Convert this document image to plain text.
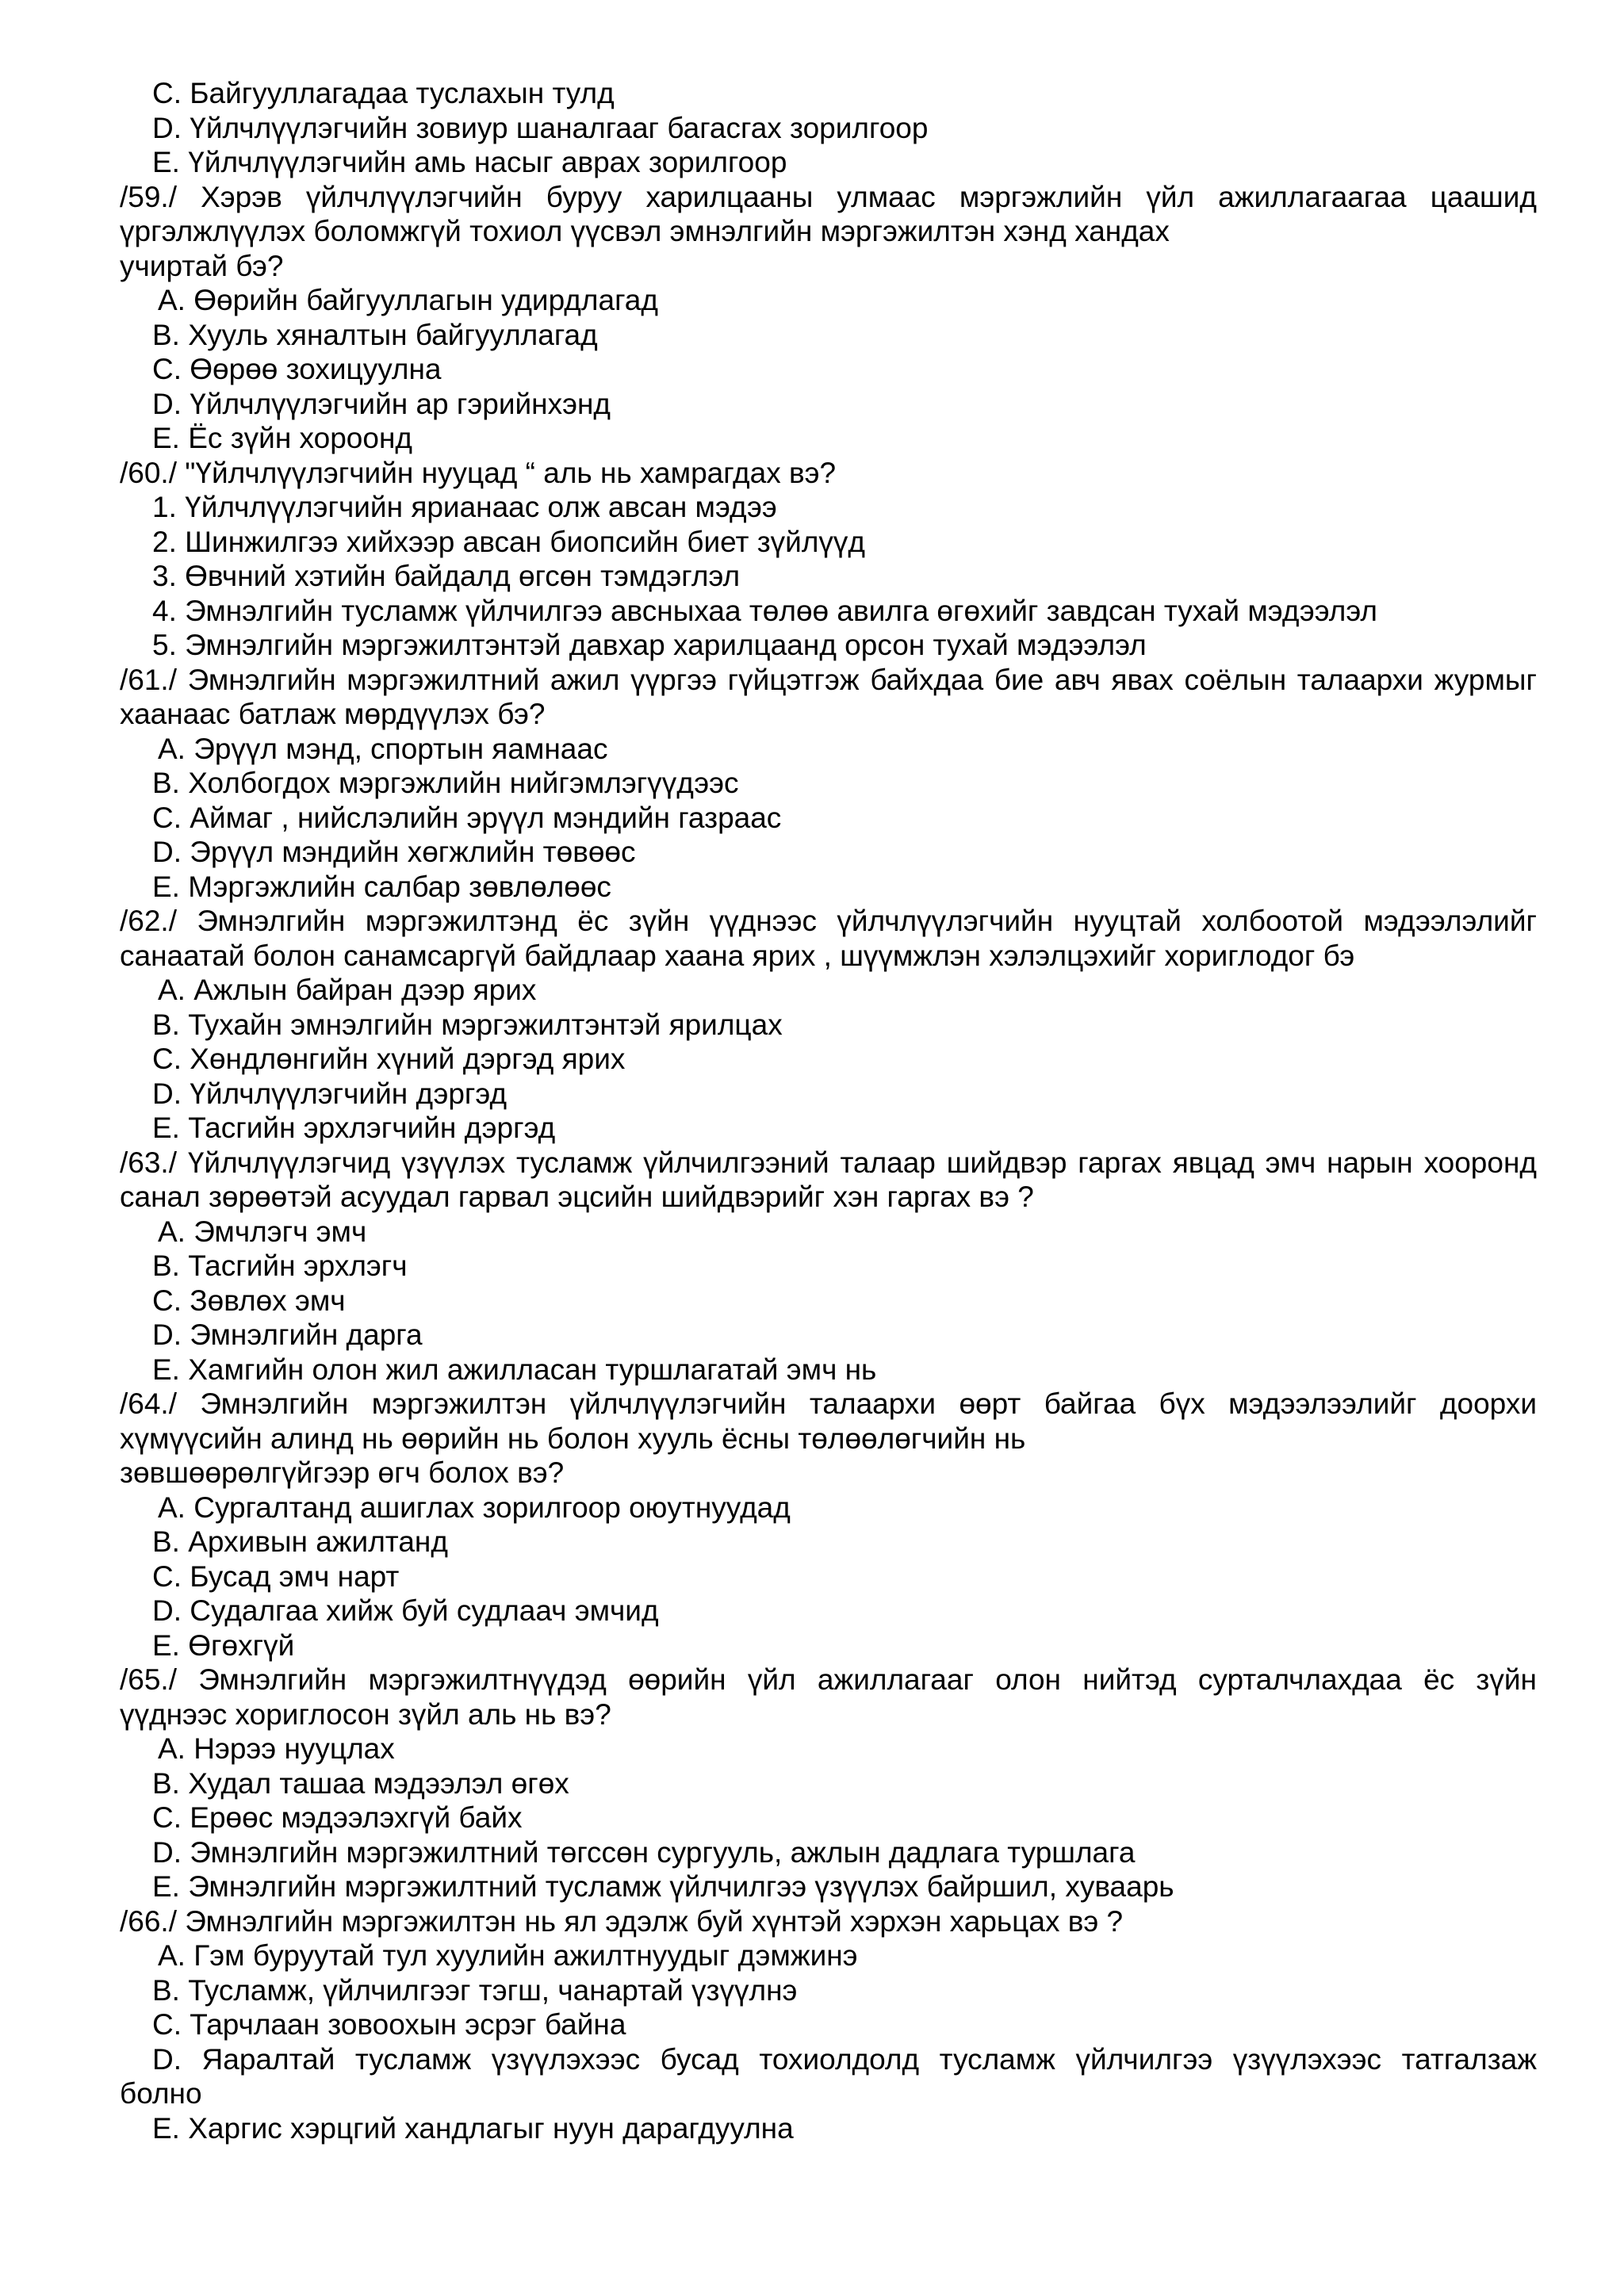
C. Байгууллагадаа туслахын тулд
D. Үйлчлүүлэгчийн зовиур шаналгааг багасгах зорилгоор
E. Үйлчлүүлэгчийн амь насыг аврах зорилгоор
/59./ Хэрэв үйлчлүүлэгчийн буруу харилцааны улмаас мэргэжлийн үйл ажиллагаагаа цаашид
үргэлжлүүлэх боломжгүй тохиол үүсвэл эмнэлгийн мэргэжилтэн хэнд хандах
учиртай бэ?
A. Өөрийн байгууллагын удирдлагад
B. Хууль хяналтын байгууллагад
C. Өөрөө зохицуулна
D. Үйлчлүүлэгчийн ар гэрийнхэнд
E. Ёс зүйн хороонд
/60./ "Үйлчлүүлэгчийн нууцад “ аль нь хамрагдах вэ?
1. Үйлчлүүлэгчийн ярианаас олж авсан мэдээ
2. Шинжилгээ хийхээр авсан биопсийн биет зүйлүүд
3. Өвчний хэтийн байдалд өгсөн тэмдэглэл
4. Эмнэлгийн тусламж үйлчилгээ авсныхаа төлөө авилга өгөхийг завдсан тухай мэдээлэл
5. Эмнэлгийн мэргэжилтэнтэй давхар харилцаанд орсон тухай мэдээлэл
/61./ Эмнэлгийн мэргэжилтний ажил үүргээ гүйцэтгэж байхдаа бие авч явах соёлын талаархи журмыг
хаанаас батлаж мөрдүүлэх бэ?
A. Эрүүл мэнд, спортын яамнаас
B. Холбогдох мэргэжлийн нийгэмлэгүүдээс
C. Аймаг , нийслэлийн эрүүл мэндийн газраас
D. Эрүүл мэндийн хөгжлийн төвөөс
E. Мэргэжлийн салбар зөвлөлөөс
/62./ Эмнэлгийн мэргэжилтэнд ёс зүйн үүднээс үйлчлүүлэгчийн нууцтай холбоотой мэдээлэлийг
санаатай болон санамсаргүй байдлаар хаана ярих , шүүмжлэн хэлэлцэхийг хориглодог бэ
A. Ажлын байран дээр ярих
B. Тухайн эмнэлгийн мэргэжилтэнтэй ярилцах
C. Хөндлөнгийн хүний дэргэд ярих
D. Үйлчлүүлэгчийн дэргэд
E. Тасгийн эрхлэгчийн дэргэд
/63./ Үйлчлүүлэгчид үзүүлэх тусламж үйлчилгээний талаар шийдвэр гаргах явцад эмч нарын хооронд
санал зөрөөтэй асуудал гарвал эцсийн шийдвэрийг хэн гаргах вэ ?
A. Эмчлэгч эмч
B. Тасгийн эрхлэгч
C. Зөвлөх эмч
D. Эмнэлгийн дарга
E. Хамгийн олон жил ажилласан туршлагатай эмч нь
/64./ Эмнэлгийн мэргэжилтэн үйлчлүүлэгчийн талаархи өөрт байгаа бүх мэдээлээлийг доорхи
хүмүүсийн алинд нь өөрийн нь болон хууль ёсны төлөөлөгчийн нь
зөвшөөрөлгүйгээр өгч болох вэ?
A. Сургалтанд ашиглах зорилгоор оюутнуудад
B. Архивын ажилтанд
C. Бусад эмч нарт
D. Судалгаа хийж буй судлаач эмчид
E. Өгөхгүй
/65./ Эмнэлгийн мэргэжилтнүүдэд өөрийн үйл ажиллагааг олон нийтэд сурталчлахдаа ёс зүйн
үүднээс хориглосон зүйл аль нь вэ?
A. Нэрээ нууцлах
B. Худал ташаа мэдээлэл өгөх
C. Ерөөс мэдээлэхгүй байх
D. Эмнэлгийн мэргэжилтний төгссөн сургууль, ажлын дадлага туршлага
E. Эмнэлгийн мэргэжилтний тусламж үйлчилгээ үзүүлэх байршил, хуваарь
/66./ Эмнэлгийн мэргэжилтэн нь ял эдэлж буй хүнтэй хэрхэн харьцах вэ ?
A. Гэм буруутай тул хуулийн ажилтнуудыг дэмжинэ
B. Тусламж, үйлчилгээг тэгш, чанартай үзүүлнэ
C. Тарчлаан зовоохын эсрэг байна
D. Яаралтай тусламж үзүүлэхээс бусад тохиолдолд тусламж үйлчилгээ үзүүлэхээс татгалзаж
болно
E. Харгис хэрцгий хандлагыг нуун дарагдуулна
